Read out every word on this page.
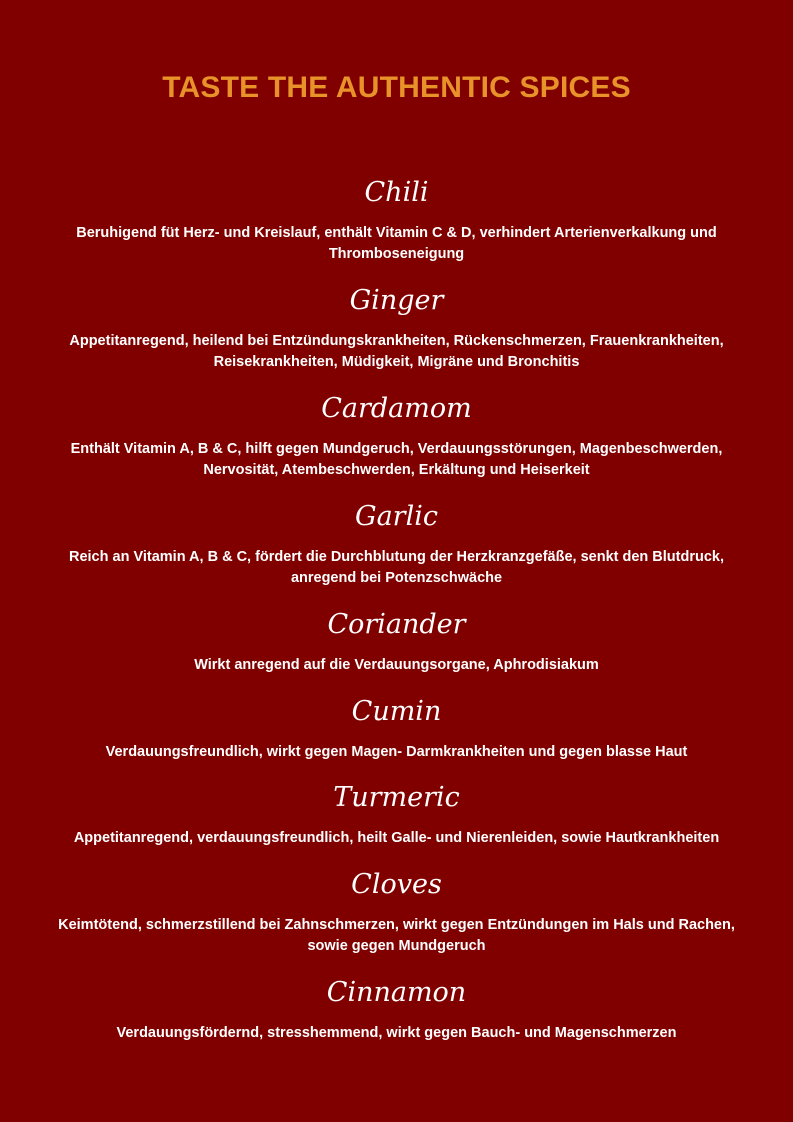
TASTE THE AUTHENTIC SPICES
Chili
Beruhigend füt Herz- und Kreislauf, enthält Vitamin C & D, verhindert Arterienverkalkung und Thromboseneigung
Ginger
Appetitanregend, heilend bei Entzündungskrankheiten, Rückenschmerzen, Frauenkrankheiten, Reisekrankheiten, Müdigkeit, Migräne und Bronchitis
Cardamom
Enthält Vitamin A, B & C, hilft gegen Mundgeruch, Verdauungsstörungen, Magenbeschwerden, Nervosität, Atembeschwerden, Erkältung und Heiserkeit
Garlic
Reich an Vitamin A, B & C, fördert die Durchblutung der Herzkranzgefäße, senkt den Blutdruck, anregend bei Potenzschwäche
Coriander
Wirkt anregend auf die Verdauungsorgane, Aphrodisiakum
Cumin
Verdauungsfreundlich, wirkt gegen Magen- Darmkrankheiten und gegen blasse Haut
Turmeric
Appetitanregend, verdauungsfreundlich, heilt Galle- und Nierenleiden, sowie Hautkrankheiten
Cloves
Keimtötend, schmerzstillend bei Zahnschmerzen, wirkt gegen Entzündungen im Hals und Rachen, sowie gegen Mundgeruch
Cinnamon
Verdauungsfördernd, stresshemmend, wirkt gegen Bauch- und Magenschmerzen
